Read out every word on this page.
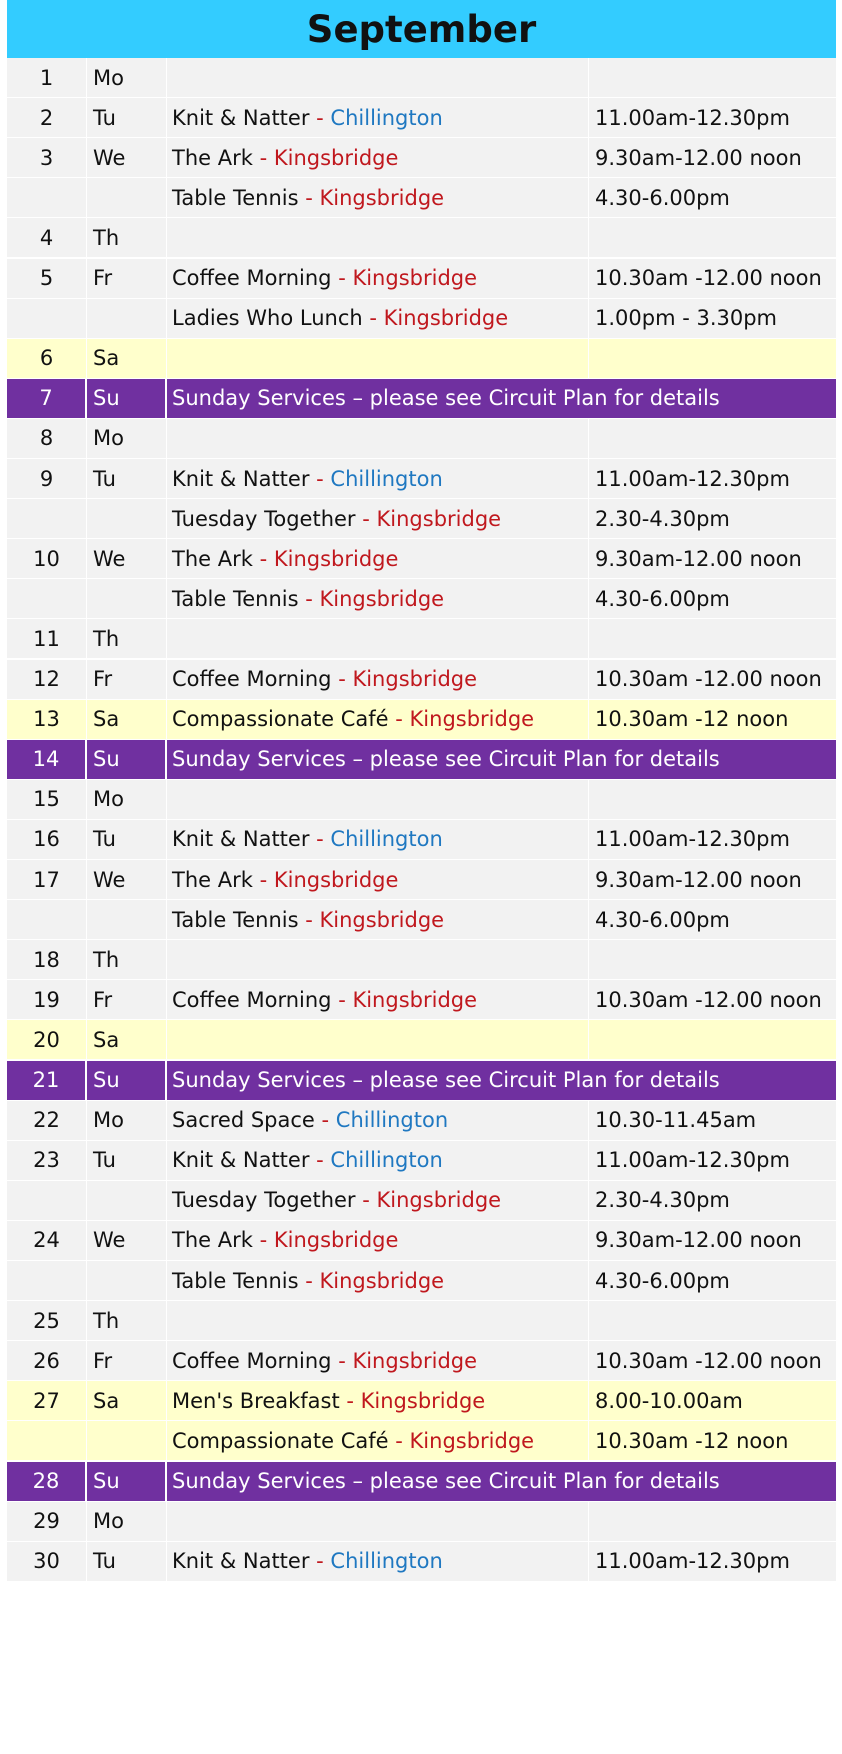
September
1	Mo
2	Tu	Knit & Natter - Chillington	11.00am-12.30pm
3	We	The Ark - Kingsbridge	9.30am-12.00 noon
Table Tennis - Kingsbridge	4.30-6.00pm
4	Th
5	Fr	Coffee Morning - Kingsbridge	10.30am -12.00 noon
Ladies Who Lunch - Kingsbridge	1.00pm - 3.30pm
6	Sa
7	Su	Sunday Services – please see Circuit Plan for details
8	Mo
9	Tu	Knit & Natter - Chillington	11.00am-12.30pm
Tuesday Together - Kingsbridge	2.30-4.30pm
10	We	The Ark - Kingsbridge	9.30am-12.00 noon
Table Tennis - Kingsbridge	4.30-6.00pm
11	Th
12	Fr	Coffee Morning - Kingsbridge	10.30am -12.00 noon
13	Sa	Compassionate Café - Kingsbridge	10.30am -12 noon
14	Su	Sunday Services – please see Circuit Plan for details
15	Mo
16	Tu	Knit & Natter - Chillington	11.00am-12.30pm
17	We	The Ark - Kingsbridge	9.30am-12.00 noon
Table Tennis - Kingsbridge	4.30-6.00pm
18	Th
19	Fr	Coffee Morning - Kingsbridge	10.30am -12.00 noon
20	Sa
21	Su	Sunday Services – please see Circuit Plan for details
22	Mo	Sacred Space - Chillington	10.30-11.45am
23	Tu	Knit & Natter - Chillington	11.00am-12.30pm
Tuesday Together - Kingsbridge	2.30-4.30pm
24	We	The Ark - Kingsbridge	9.30am-12.00 noon
Table Tennis - Kingsbridge	4.30-6.00pm
25	Th
26	Fr	Coffee Morning - Kingsbridge	10.30am -12.00 noon
27	Sa	Men's Breakfast - Kingsbridge	8.00-10.00am
Compassionate Café - Kingsbridge	10.30am -12 noon
28	Su	Sunday Services – please see Circuit Plan for details
29	Mo
30	Tu	Knit & Natter - Chillington	11.00am-12.30pm
